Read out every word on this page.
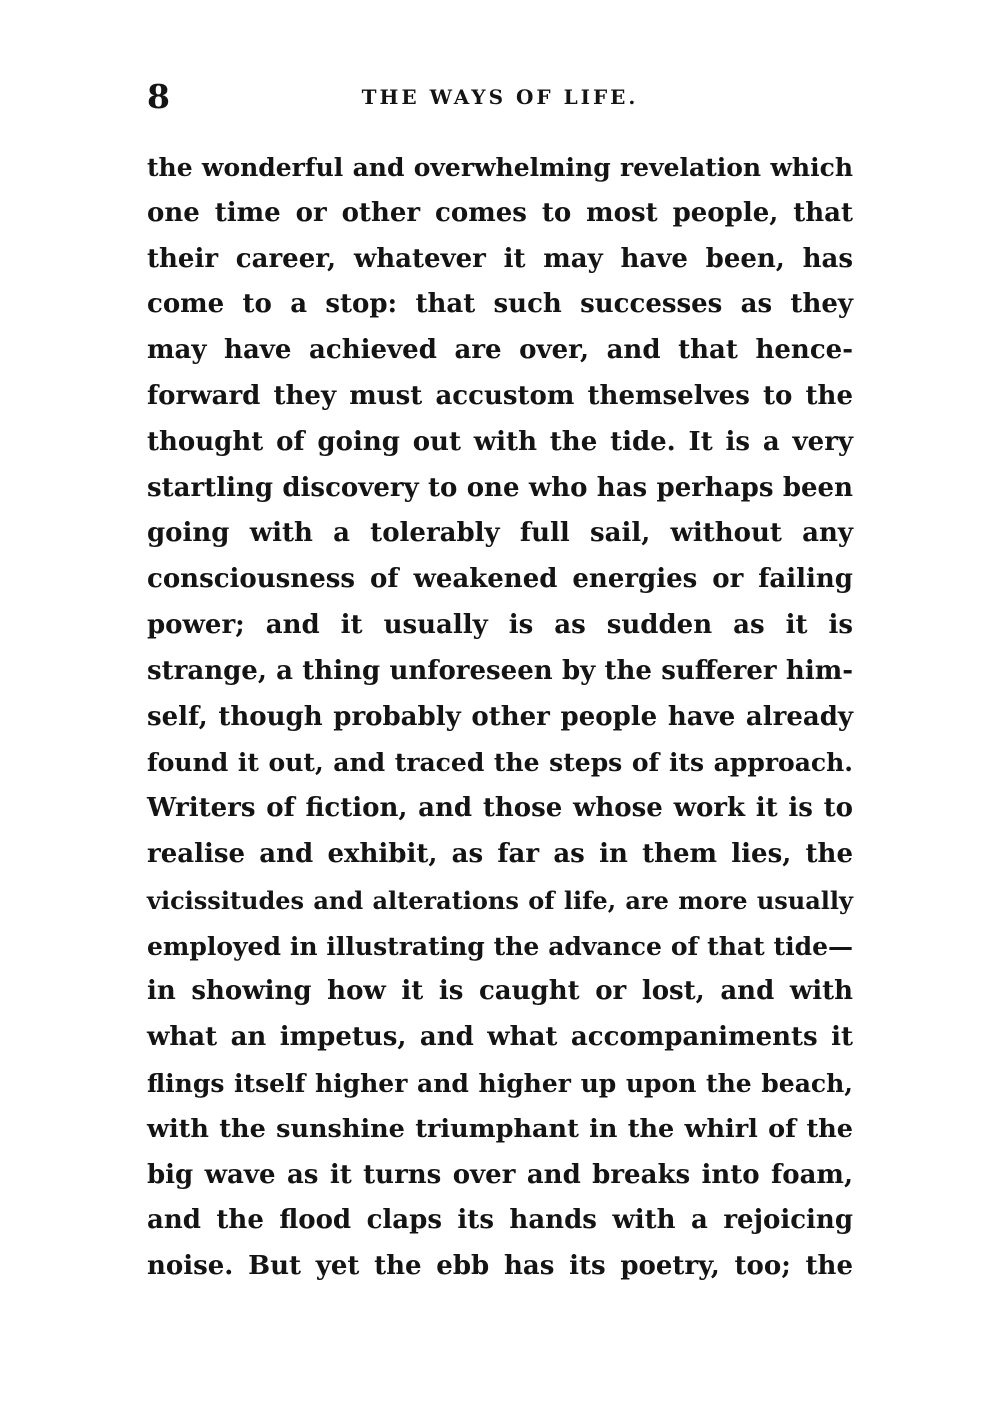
8	THE WAYS OF LIFE.
the wonderful and overwhelming revelation which
one time or other comes to most people, that
their career, whatever it may have been, has
come to a stop: that such successes as they
may have achieved are over, and that hence-
forward they must accustom themselves to the
thought of going out with the tide. It is a very
startling discovery to one who has perhaps been
going with a tolerably full sail, without any
consciousness of weakened energies or failing
power; and it usually is as sudden as it is
strange, a thing unforeseen by the sufferer him-
self, though probably other people have already
found it out, and traced the steps of its approach.
Writers of fiction, and those whose work it is to
realise and exhibit, as far as in them lies, the
vicissitudes and alterations of life, are more usually
employed in illustrating the advance of that tide—
in showing how it is caught or lost, and with
what an impetus, and what accompaniments it
flings itself higher and higher up upon the beach,
with the sunshine triumphant in the whirl of the
big wave as it turns over and breaks into foam,
and the flood claps its hands with a rejoicing
noise. But yet the ebb has its poetry, too; the
